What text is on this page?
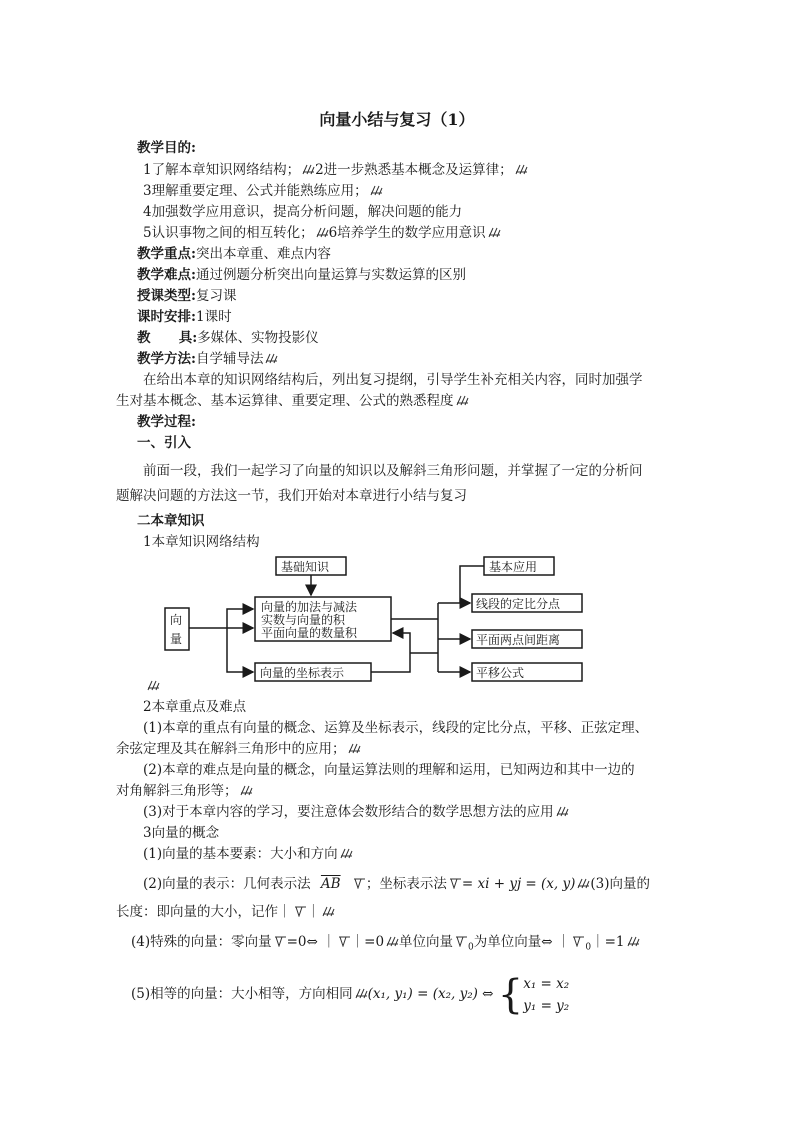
向量小结与复习（1）
教学目的:
1了解本章知识网络结构； 2进一步熟悉基本概念及运算律；
3理解重要定理、公式并能熟练应用；
4加强数学应用意识，提高分析问题，解决问题的能力
5认识事物之间的相互转化； 6培养学生的数学应用意识
教学重点:突出本章重、难点内容
教学难点:通过例题分析突出向量运算与实数运算的区别
授课类型:复习课
课时安排:1课时
教      具:多媒体、实物投影仪
教学方法:自学辅导法
在给出本章的知识网络结构后，列出复习提纲，引导学生补充相关内容，同时加强学
生对基本概念、基本运算律、重要定理、公式的熟悉程度
教学过程:
一、引入
前面一段，我们一起学习了向量的知识以及解斜三角形问题，并掌握了一定的分析问
题解决问题的方法这一节，我们开始对本章进行小结与复习
二本章知识
1本章知识网络结构
基础知识	基本应用
向
量
向量的加法与减法
实数与向量的积
平面向量的数量积
向量的坐标表示
线段的定比分点
平面两点间距离
平移公式
2本章重点及难点
(1)本章的重点有向量的概念、运算及坐标表示，线段的定比分点，平移、正弦定理、
余弦定理及其在解斜三角形中的应用；
(2)本章的难点是向量的概念，向量运算法则的理解和运用，已知两边和其中一边的
对角解斜三角形等；
(3)对于本章内容的学习，要注意体会数形结合的数学思想方法的应用
3向量的概念
(1)向量的基本要素：大小和方向
(2)向量的表示：几何表示法 $\overline{AB}$ ；坐标表示法 = xi + yj = (x, y) (3)向量的
长度：即向量的大小，记作｜ ｜
(4)特殊的向量：零向量 =0⇔ ｜ ｜=0 单位向量 $_0$为单位向量⇔ ｜ $_0$｜=1
(5)相等的向量：大小相等，方向相同 (x₁, y₁) = (x₂, y₂) ⇔ { x₁ = x₂
y₁ = y₂
